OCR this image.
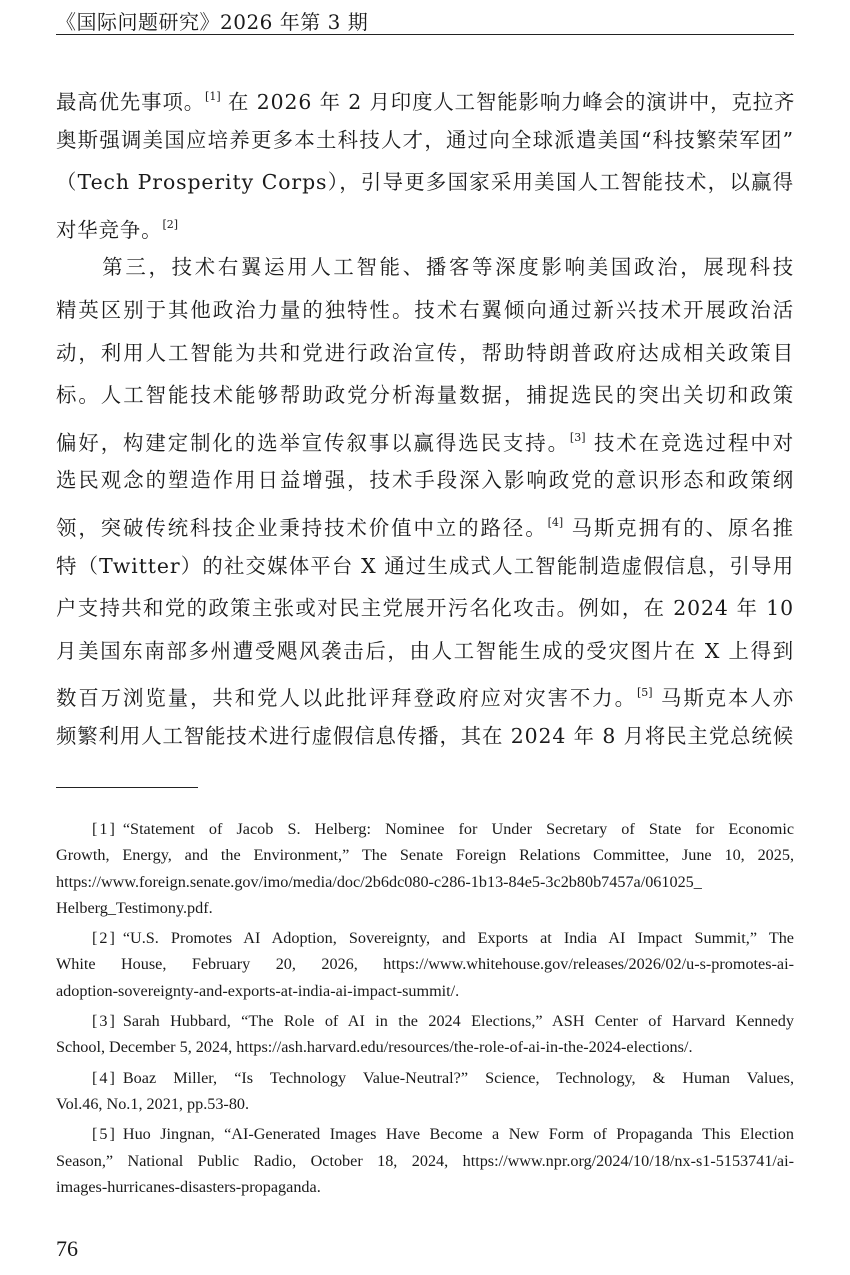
《国际问题研究》2026 年第 3 期
最高优先事项。[1] 在 2026 年 2 月印度人工智能影响力峰会的演讲中，克拉齐
奥斯强调美国应培养更多本土科技人才，通过向全球派遣美国“科技繁荣军团”
（Tech Prosperity Corps），引导更多国家采用美国人工智能技术，以赢得
对华竞争。[2]
　　第三，技术右翼运用人工智能、播客等深度影响美国政治，展现科技
精英区别于其他政治力量的独特性。技术右翼倾向通过新兴技术开展政治活
动，利用人工智能为共和党进行政治宣传，帮助特朗普政府达成相关政策目
标。人工智能技术能够帮助政党分析海量数据，捕捉选民的突出关切和政策
偏好，构建定制化的选举宣传叙事以赢得选民支持。[3] 技术在竞选过程中对
选民观念的塑造作用日益增强，技术手段深入影响政党的意识形态和政策纲
领，突破传统科技企业秉持技术价值中立的路径。[4] 马斯克拥有的、原名推
特（Twitter）的社交媒体平台 X 通过生成式人工智能制造虚假信息，引导用
户支持共和党的政策主张或对民主党展开污名化攻击。例如，在 2024 年 10
月美国东南部多州遭受飓风袭击后，由人工智能生成的受灾图片在 X 上得到
数百万浏览量，共和党人以此批评拜登政府应对灾害不力。[5] 马斯克本人亦
频繁利用人工智能技术进行虚假信息传播，其在 2024 年 8 月将民主党总统候
[1] “Statement of Jacob S. Helberg: Nominee for Under Secretary of State for Economic
Growth, Energy, and the Environment,” The Senate Foreign Relations Committee, June 10, 2025,
https://www.foreign.senate.gov/imo/media/doc/2b6dc080-c286-1b13-84e5-3c2b80b7457a/061025_
Helberg_Testimony.pdf.
[2] “U.S. Promotes AI Adoption, Sovereignty, and Exports at India AI Impact Summit,” The
White House, February 20, 2026, https://www.whitehouse.gov/releases/2026/02/u-s-promotes-ai-
adoption-sovereignty-and-exports-at-india-ai-impact-summit/.
[3] Sarah Hubbard, “The Role of AI in the 2024 Elections,” ASH Center of Harvard Kennedy
School, December 5, 2024, https://ash.harvard.edu/resources/the-role-of-ai-in-the-2024-elections/.
[4] Boaz Miller, “Is Technology Value-Neutral?” Science, Technology, & Human Values,
Vol.46, No.1, 2021, pp.53-80.
[5] Huo Jingnan, “AI-Generated Images Have Become a New Form of Propaganda This Election
Season,” National Public Radio, October 18, 2024, https://www.npr.org/2024/10/18/nx-s1-5153741/ai-
images-hurricanes-disasters-propaganda.
76
